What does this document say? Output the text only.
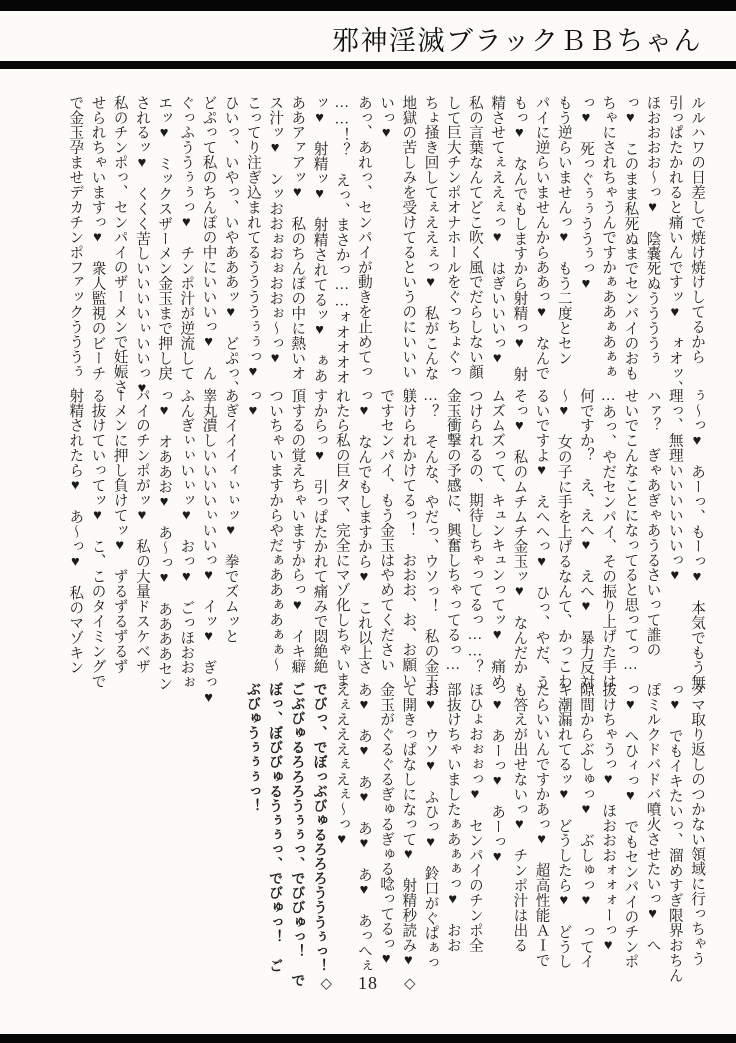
邪神淫滅ブラックＢＢちゃん
ルルハワの日差しで焼け焼けしてるから
引っぱたかれると痛いんですッ♥　ォオッ、
ほおおおお～っ♥　陰嚢死ぬううううぅ
っ♥　このまま私死ぬまでセンパイのおも
ちゃにされちゃうんですかぁああぁあぁぁ
っ♥　死っぐぅぅううぅっ♥
もう逆らいませんっ♥　もう二度とセン
パイに逆らいませんからああっ♥　なんで
もっ♥　なんでもしますから射精っ♥　射
精させてぇええぇっ♥　はぎいいいっ♥
私の言葉なんてどこ吹く風でだらしない顔
して巨大チンポオナホールをぐっちょぐっ
ちょ掻き回してぇええぇっ♥　私がこんな
地獄の苦しみを受けてるというのにいいい
いっ♥
あっ、あれっ、センパイが動きを止めてっ
……！？　えっ、まさかっ……ォオオオオ
ッ♥　射精ッ♥　射精されてるッ♥　ぁあ
ああアァアッ♥　私のちんぽの中に熱いオ
ス汁ッ♥　ンッおおぉおぉおおぉ～っ♥
こってり注ぎ込まれてるううううぅぅっ♥
ひいっ、いやっ、いやあああッ♥　どぷっ、
どぷって私のちんぽの中にいいいっ♥　ん
ぐっふううぅぅっ♥　チンポ汁が逆流して
エッ♥　ミックスザーメン金玉まで押し戻
されるッ♥　くくく苦しいいいいぃいいっ♥
私のチンポっ、センパイのザーメンで妊娠さ
せられちゃいますっ♥　衆人監視のビーチ
で金玉孕ませデカチンポファックうううぅ
ぅ～っ♥　あーっ、もーっ♥　本気でもう無
理っ、無理いいいいいいっ♥
ハァ？　ぎゃあぎゃあうるさいって誰の
せいでこんなことになってると思ってっ…
…あっ、やだセンパイ、その振り上げた手は
何ですか？　え、えへ♥　えへ♥　暴力反対
～♥　女の子に手を上げるなんて、かっこわ
るいですよ♥　えへへっ♥　ひっ、やだ、う
そっ♥　私のムチムチ金玉ッ♥　なんだか
ムズムズって、キュンキュンってッ♥　痛め
つけられるの、期待しちゃってるっ……？
金玉衝撃の予感に、興奮しちゃってるっ…
…？　そんな、やだっ、ウソっ！　私の金玉、
躾けられかけてるっ！　おおお、お、お願い
ですセンパイ、もう金玉はやめてください
っ♥　なんでもしますから♥　これ以上さ
れたら私の巨タマ、完全にマゾ化しちゃいま
すからっ♥　引っぱたかれて痛みで悶絶絶
頂するの覚えちゃいますからっ♥　イキ癖
ついちゃいますからやだぁああぁあぁぁ～
っ♥
あぎイイイィぃぃッ♥　拳でズムッと
睾丸潰しいいいいぃいいっ♥　イッ♥　ぎっ♥
ふんぎぃぃいぃッ♥　おっ♥　ごっほおおぉ
っ♥　オああお♥　あ～っ♥　ああああセン
パイのチンポがッ♥　私の大量ドスケベザ
ーメンに押し負けてッ♥　ずるずるずるず
る抜けていってッ♥　こ、このタイミングで
射精されたら♥　あ～っ♥　私のマゾキン
タマ取り返しのつかない領域に行っちゃう
っ♥　でもイキたいっ、溜めすぎ限界おちん
ぽミルクドバドバ噴火させたいっ♥　へ
っ♥　へひィっ♥　でもセンパイのチンポ
抜けちゃうっ♥　ほおおおォォォーっ♥
隙間からぶしゅっ♥　ぶしゅっ♥　ってイ
キ潮漏れてるッ♥　どうしたら♥　どうし
たらいいんですかあっ♥　超高性能ＡＩで
も答えが出せないっ♥　チンポ汁は出る
っ♥　あーっ♥　あーっ♥
ほひょおぉぉっ♥　センパイのチンポ全
部抜けちゃいましたぁあぁぁっ♥　おお
お♥　ウソ♥　ふひっ♥　鈴口がぐぱぁっ
て開きっぱなしになって♥　射精秒読み♥
金玉がぐるぐるぎゅるぎゅる唸ってるっ♥
あ♥　あ♥　あ♥　あ♥　あ♥　あっへぇ
えぇえええぇえぇ～っ♥
でびっ、でぼっぶびゅるろろろうううぅっ！
ごぶびゅるろろろうぅぅっ、でびびゅっ！　で
ぼっ、ぼびびゅるうぅぅっ、でびゅっ！　ご
ぶびゅうぅぅぅっ！
◇ 18 ◇
